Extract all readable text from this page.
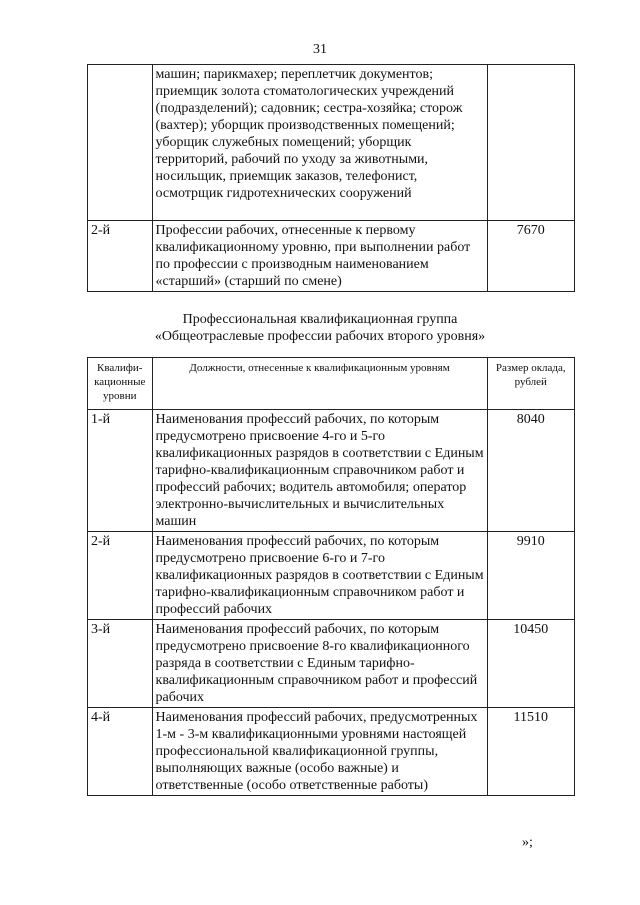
31
	машин; парикмахер; переплетчик документов; приемщик золота стоматологических учреждений (подразделений); садовник; сестра-хозяйка; сторож (вахтер); уборщик производственных помещений; уборщик служебных помещений; уборщик территорий, рабочий по уходу за животными, носильщик, приемщик заказов, телефонист, осмотрщик гидротехнических сооружений	
2-й	Профессии рабочих, отнесенные к первому квалификационному уровню, при выполнении работ по профессии с производным наименованием «старший» (старший по смене)	7670
Профессиональная квалификационная группа
«Общеотраслевые профессии рабочих второго уровня»
Квалифи-кационные уровни	Должности, отнесенные к квалификационным уровням	Размер оклада, рублей
1-й	Наименования профессий рабочих, по которым предусмотрено присвоение 4-го и 5-го квалификационных разрядов в соответствии с Единым тарифно-квалификационным справочником работ и профессий рабочих; водитель автомобиля; оператор электронно-вычислительных и вычислительных машин	8040
2-й	Наименования профессий рабочих, по которым предусмотрено присвоение 6-го и 7-го квалификационных разрядов в соответствии с Единым тарифно-квалификационным справочником работ и профессий рабочих	9910
3-й	Наименования профессий рабочих, по которым предусмотрено присвоение 8-го квалификационного разряда в соответствии с Единым тарифно-квалификационным справочником работ и профессий рабочих	10450
4-й	Наименования профессий рабочих, предусмотренных 1-м - 3-м квалификационными уровнями настоящей профессиональной квалификационной группы, выполняющих важные (особо важные) и ответственные (особо ответственные работы)	11510
»;
